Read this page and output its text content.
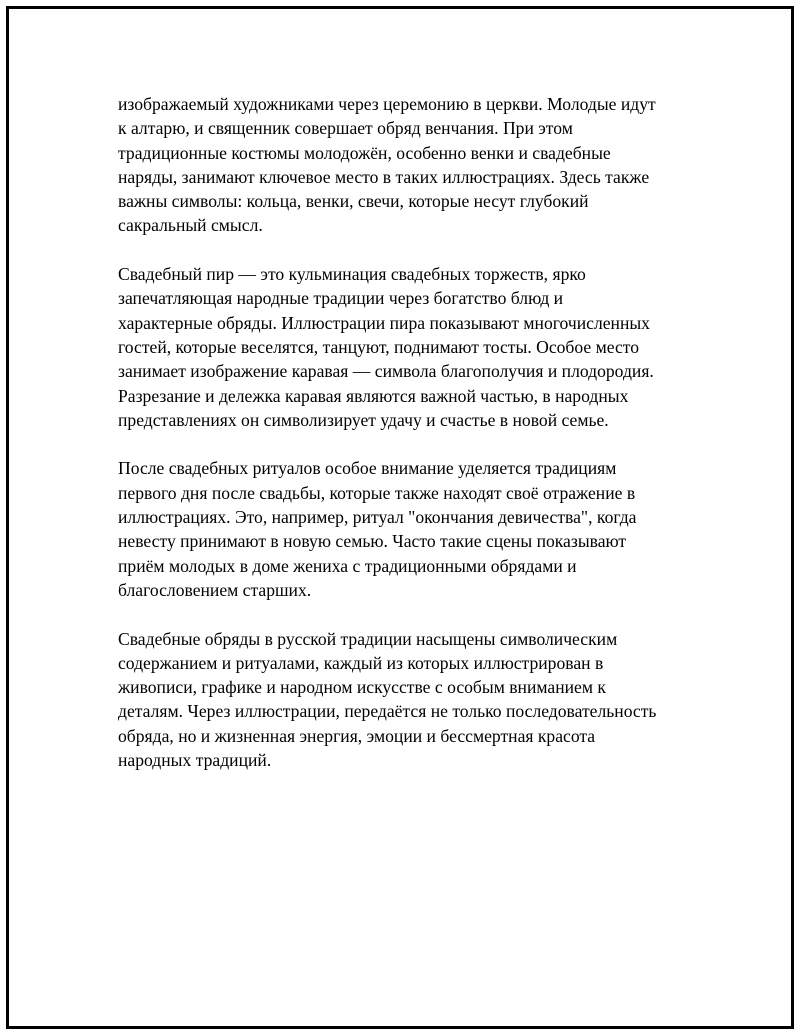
изображаемый художниками через церемонию в церкви. Молодые идут
к алтарю, и священник совершает обряд венчания. При этом
традиционные костюмы молодожён, особенно венки и свадебные
наряды, занимают ключевое место в таких иллюстрациях. Здесь также
важны символы: кольца, венки, свечи, которые несут глубокий
сакральный смысл.

Свадебный пир — это кульминация свадебных торжеств, ярко
запечатляющая народные традиции через богатство блюд и
характерные обряды. Иллюстрации пира показывают многочисленных
гостей, которые веселятся, танцуют, поднимают тосты. Особое место
занимает изображение каравая — символа благополучия и плодородия.
Разрезание и дележка каравая являются важной частью, в народных
представлениях он символизирует удачу и счастье в новой семье.

После свадебных ритуалов особое внимание уделяется традициям
первого дня после свадьбы, которые также находят своё отражение в
иллюстрациях. Это, например, ритуал "окончания девичества", когда
невесту принимают в новую семью. Часто такие сцены показывают
приём молодых в доме жениха с традиционными обрядами и
благословением старших.

Свадебные обряды в русской традиции насыщены символическим
содержанием и ритуалами, каждый из которых иллюстрирован в
живописи, графике и народном искусстве с особым вниманием к
деталям. Через иллюстрации, передаётся не только последовательность
обряда, но и жизненная энергия, эмоции и бессмертная красота
народных традиций.
